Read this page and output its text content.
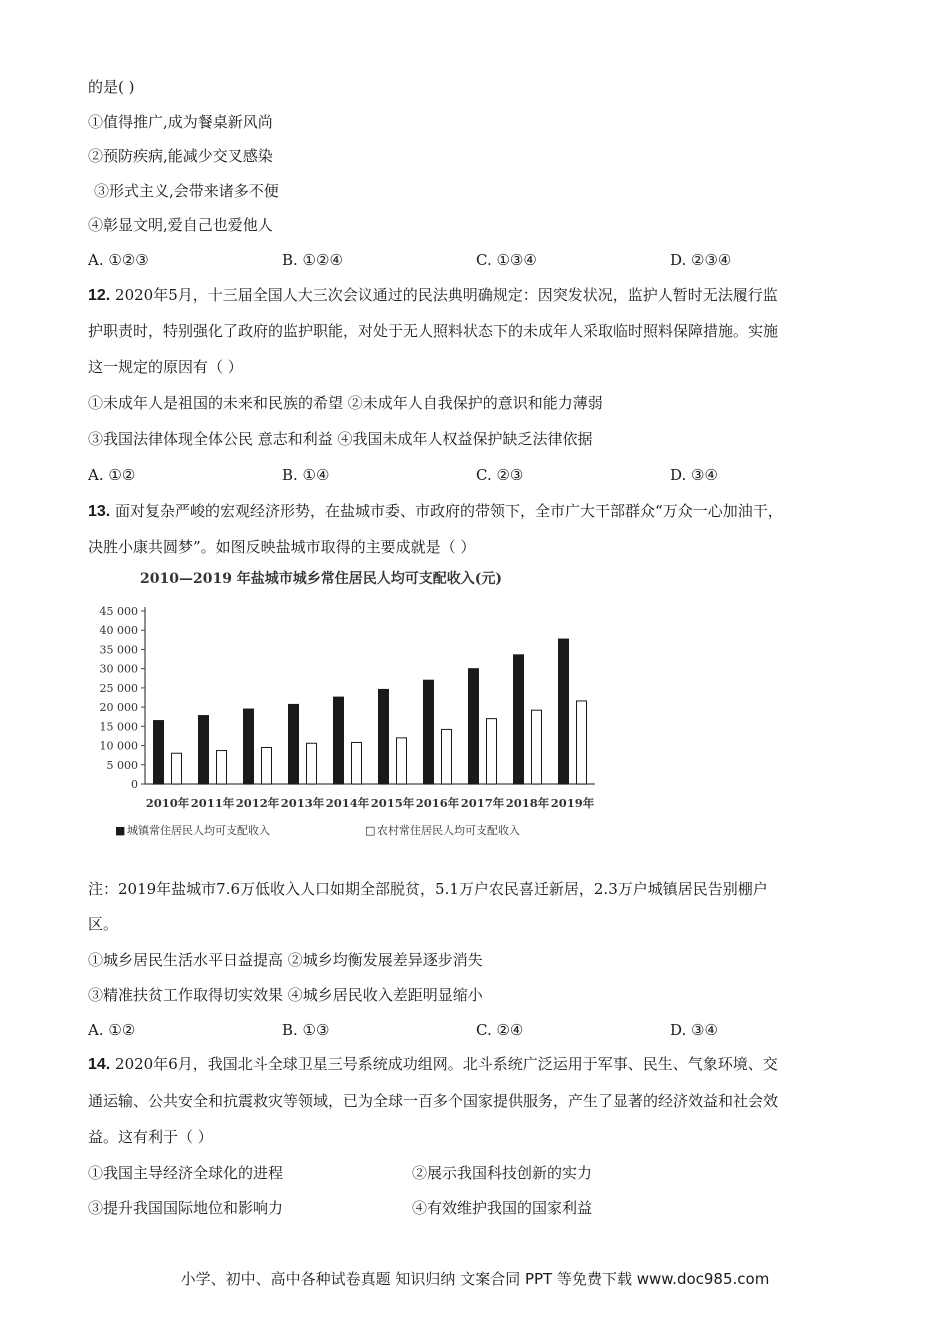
的是( )
①值得推广,成为餐桌新风尚
②预防疾病,能减少交叉感染
③形式主义,会带来诸多不便
④彰显文明,爱自己也爱他人
A. ①②③	B. ①②④	C. ①③④	D. ②③④
12. 2020年5月，十三届全国人大三次会议通过的民法典明确规定：因突发状况，监护人暂时无法履行监
护职责时，特别强化了政府的监护职能，对处于无人照料状态下的未成年人采取临时照料保障措施。实施
这一规定的原因有（ ）
①未成年人是祖国的未来和民族的希望 ②未成年人自我保护的意识和能力薄弱
③我国法律体现全体公民 意志和利益 ④我国未成年人权益保护缺乏法律依据
A. ①②	B. ①④	C. ②③	D. ③④
13. 面对复杂严峻的宏观经济形势，在盐城市委、市政府的带领下，全市广大干部群众“万众一心加油干，
决胜小康共圆梦”。如图反映盐城市取得的主要成就是（ ）
2010—2019 年盐城市城乡常住居民人均可支配收入(元)
0
5 000
10 000
15 000
20 000
25 000
30 000
35 000
40 000
45 000
2010年 2011年 2012年 2013年 2014年 2015年 2016年 2017年 2018年 2019年
■ 城镇常住居民人均可支配收入	□ 农村常住居民人均可支配收入
注：2019年盐城市7.6万低收入人口如期全部脱贫，5.1万户农民喜迁新居，2.3万户城镇居民告别棚户
区。
①城乡居民生活水平日益提高 ②城乡均衡发展差异逐步消失
③精准扶贫工作取得切实效果 ④城乡居民收入差距明显缩小
A. ①②	B. ①③	C. ②④	D. ③④
14. 2020年6月，我国北斗全球卫星三号系统成功组网。北斗系统广泛运用于军事、民生、气象环境、交
通运输、公共安全和抗震救灾等领域，已为全球一百多个国家提供服务，产生了显著的经济效益和社会效
益。这有利于（ ）
①我国主导经济全球化的进程	②展示我国科技创新的实力
③提升我国国际地位和影响力	④有效维护我国的国家利益
小学、初中、高中各种试卷真题 知识归纳 文案合同 PPT 等免费下载 www.doc985.com
